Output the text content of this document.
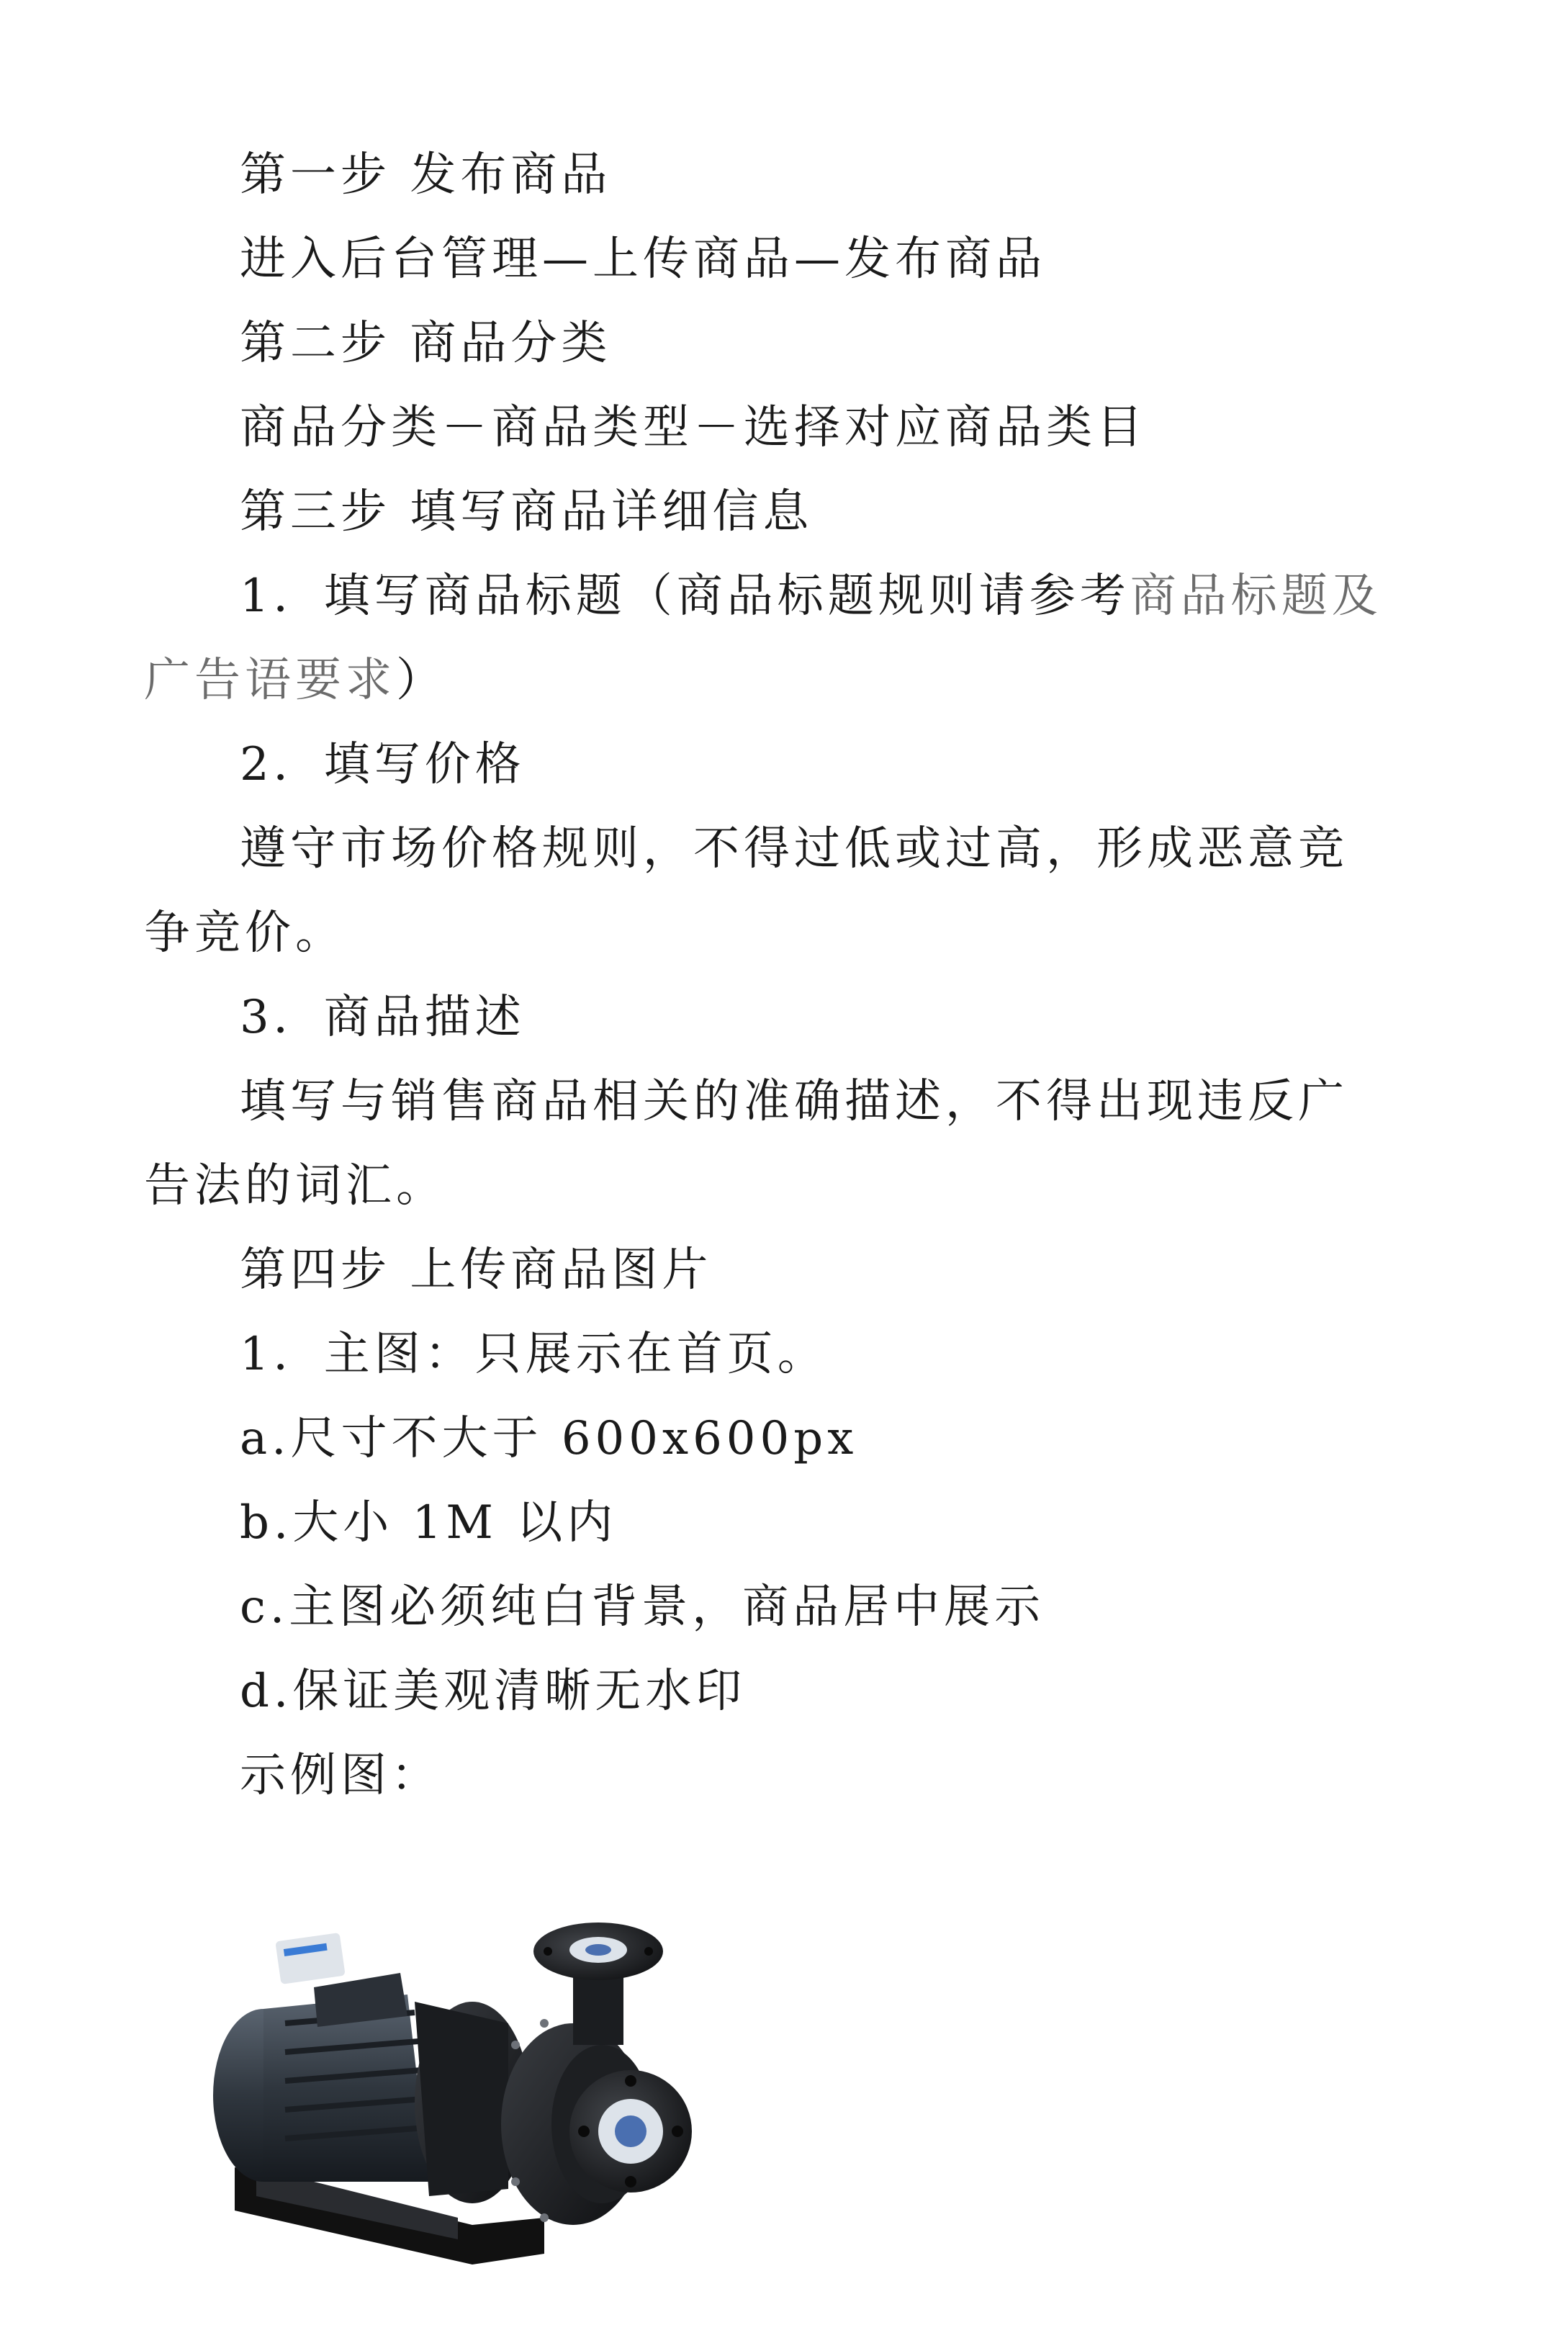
第一步 发布商品

进入后台管理—上传商品—发布商品

第二步 商品分类

商品分类－商品类型－选择对应商品类目

第三步 填写商品详细信息

1．填写商品标题（商品标题规则请参考商品标题及广告语要求）

2．填写价格

遵守市场价格规则，不得过低或过高，形成恶意竞争竞价。

3．商品描述

填写与销售商品相关的准确描述，不得出现违反广告法的词汇。

第四步 上传商品图片

1．主图：只展示在首页。

a.尺寸不大于 600x600px

b.大小 1M 以内

c.主图必须纯白背景，商品居中展示

d.保证美观清晰无水印

示例图：
